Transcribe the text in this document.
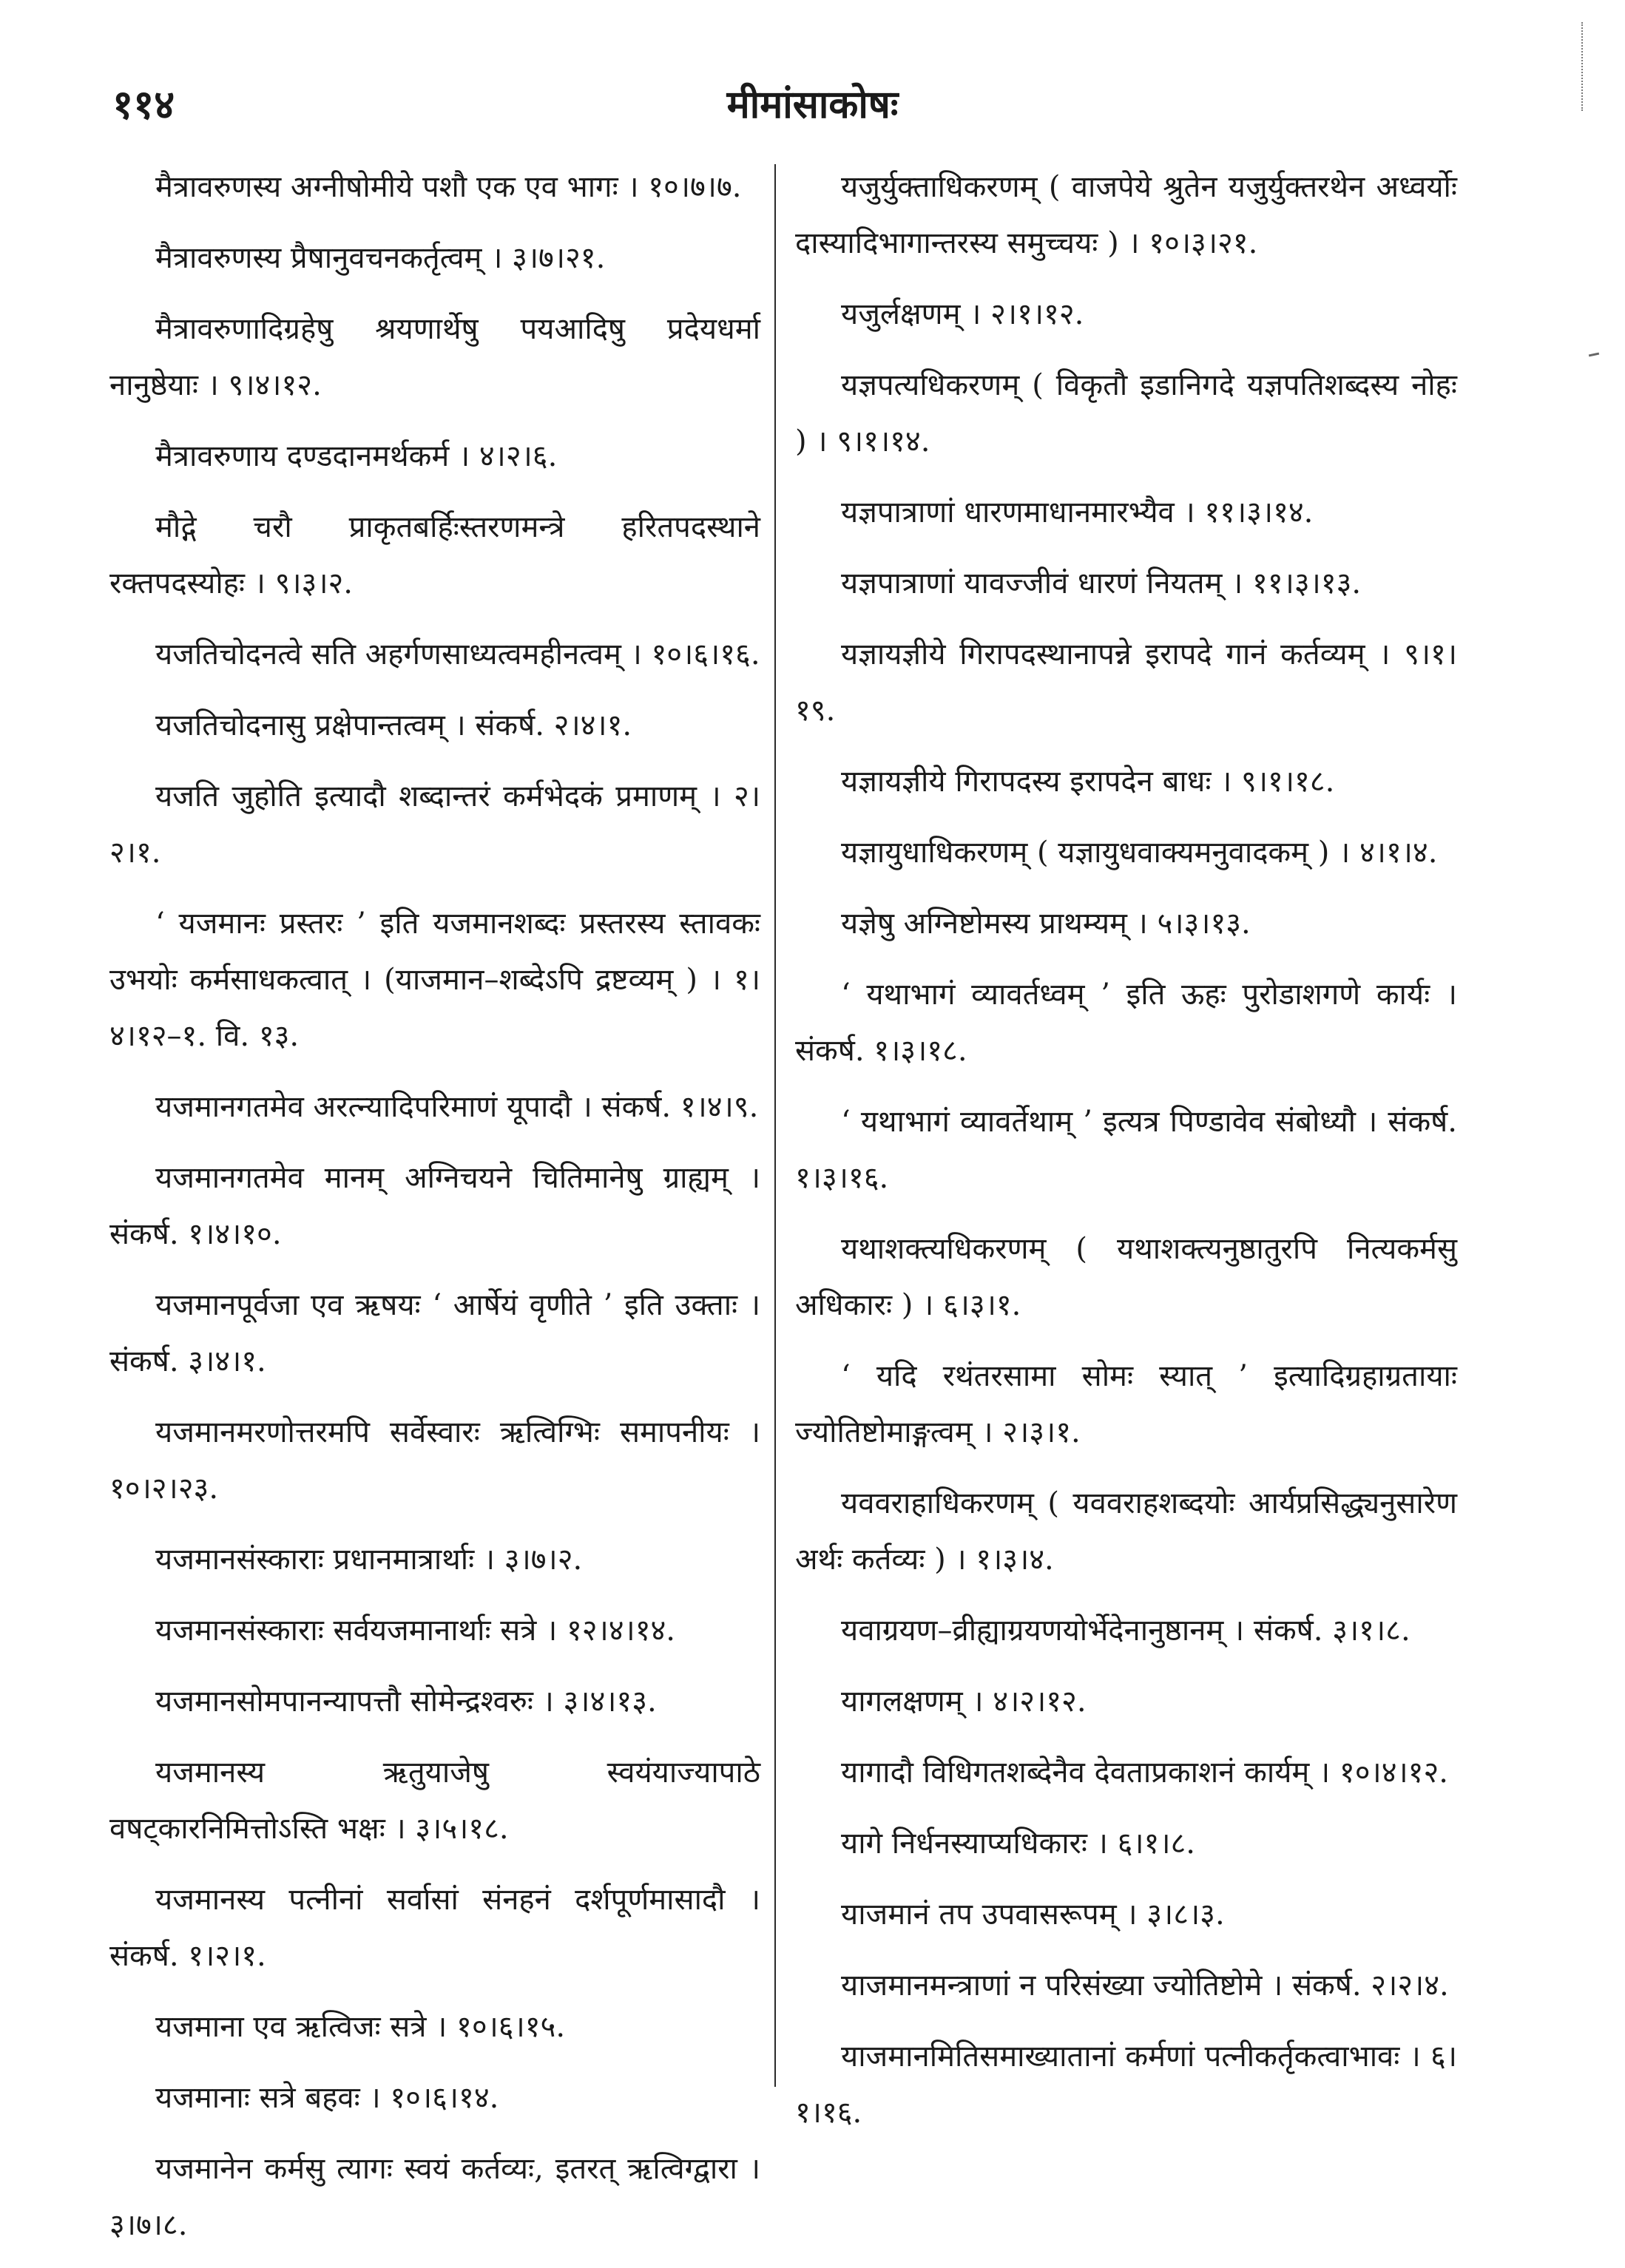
११४	मीमांसाकोषः

मैत्रावरुणस्य अग्नीषोमीये पशौ एक एव भागः । १०।७।७.

मैत्रावरुणस्य प्रैषानुवचनकर्तृत्वम् । ३।७।२१.

मैत्रावरुणादिग्रहेषु श्रयणार्थेषु पयआदिषु प्रदेयधर्मा नानुष्ठेयाः । ९।४।१२.

मैत्रावरुणाय दण्डदानमर्थकर्म । ४।२।६.

मौद्गे चरौ प्राकृतबर्हिःस्तरणमन्त्रे हरितपदस्थाने रक्तपदस्योहः । ९।३।२.

यजतिचोदनत्वे सति अहर्गणसाध्यत्वमहीनत्वम् । १०।६।१६.

यजतिचोदनासु प्रक्षेपान्तत्वम् । संकर्ष. २।४।१.

यजति जुहोति इत्यादौ शब्दान्तरं कर्मभेदकं प्रमाणम् । २।२।१.

‘ यजमानः प्रस्तरः ’ इति यजमानशब्दः प्रस्तरस्य स्तावकः उभयोः कर्मसाधकत्वात् । (याजमान–शब्देऽपि द्रष्टव्यम् ) । १।४।१२–१. वि. १३.

यजमानगतमेव अरत्न्यादिपरिमाणं यूपादौ । संकर्ष. १।४।९.

यजमानगतमेव मानम् अग्निचयने चितिमानेषु ग्राह्यम् । संकर्ष. १।४।१०.

यजमानपूर्वजा एव ऋषयः ‘ आर्षेयं वृणीते ’ इति उक्ताः । संकर्ष. ३।४।१.

यजमानमरणोत्तरमपि सर्वेस्वारः ऋत्विग्भिः समापनीयः । १०।२।२३.

यजमानसंस्काराः प्रधानमात्रार्थाः । ३।७।२.

यजमानसंस्काराः सर्वयजमानार्थाः सत्रे । १२।४।१४.

यजमानसोमपानन्यापत्तौ सोमेन्द्रश्वरुः । ३।४।१३.

यजमानस्य ऋतुयाजेषु स्वयंयाज्यापाठे वषट्कारनिमित्तोऽस्ति भक्षः । ३।५।१८.

यजमानस्य पत्नीनां सर्वासां संनहनं दर्शपूर्णमासादौ । संकर्ष. १।२।१.

यजमाना एव ऋत्विजः सत्रे । १०।६।१५.

यजमानाः सत्रे बहवः । १०।६।१४.

यजमानेन कर्मसु त्यागः स्वयं कर्तव्यः, इतरत् ऋत्विग्द्वारा । ३।७।८.

यजुर्युक्ताधिकरणम् ( वाजपेये श्रुतेन यजुर्युक्तरथेन अध्वर्योः दास्यादिभागान्तरस्य समुच्चयः ) । १०।३।२१.

यजुर्लक्षणम् । २।१।१२.

यज्ञपत्यधिकरणम् ( विकृतौ इडानिगदे यज्ञपतिशब्दस्य नोहः ) । ९।१।१४.

यज्ञपात्राणां धारणमाधानमारभ्यैव । ११।३।१४.

यज्ञपात्राणां यावज्जीवं धारणं नियतम् । ११।३।१३.

यज्ञायज्ञीये गिरापदस्थानापन्ने इरापदे गानं कर्तव्यम् । ९।१।१९.

यज्ञायज्ञीये गिरापदस्य इरापदेन बाधः । ९।१।१८.

यज्ञायुधाधिकरणम् ( यज्ञायुधवाक्यमनुवादकम् ) । ४।१।४.

यज्ञेषु अग्निष्टोमस्य प्राथम्यम् । ५।३।१३.

‘ यथाभागं व्यावर्तध्वम् ’ इति ऊहः पुरोडाशगणे कार्यः । संकर्ष. १।३।१८.

‘ यथाभागं व्यावर्तेथाम् ’ इत्यत्र पिण्डावेव संबोध्यौ । संकर्ष. १।३।१६.

यथाशक्त्यधिकरणम् ( यथाशक्त्यनुष्ठातुरपि नित्यकर्मसु अधिकारः ) । ६।३।१.

‘ यदि रथंतरसामा सोमः स्यात् ’ इत्यादिग्रहाग्रतायाः ज्योतिष्टोमाङ्गत्वम् । २।३।१.

यववराहाधिकरणम् ( यववराहशब्दयोः आर्यप्रसिद्ध्यनुसारेण अर्थः कर्तव्यः ) । १।३।४.

यवाग्रयण–व्रीह्याग्रयणयोर्भेदेनानुष्ठानम् । संकर्ष. ३।१।८.

यागलक्षणम् । ४।२।१२.

यागादौ विधिगतशब्देनैव देवताप्रकाशनं कार्यम् । १०।४।१२.

यागे निर्धनस्याप्यधिकारः । ६।१।८.

याजमानं तप उपवासरूपम् । ३।८।३.

याजमानमन्त्राणां न परिसंख्या ज्योतिष्टोमे । संकर्ष. २।२।४.

याजमानमितिसमाख्यातानां कर्मणां पत्नीकर्तृकत्वाभावः । ६।१।१६.
